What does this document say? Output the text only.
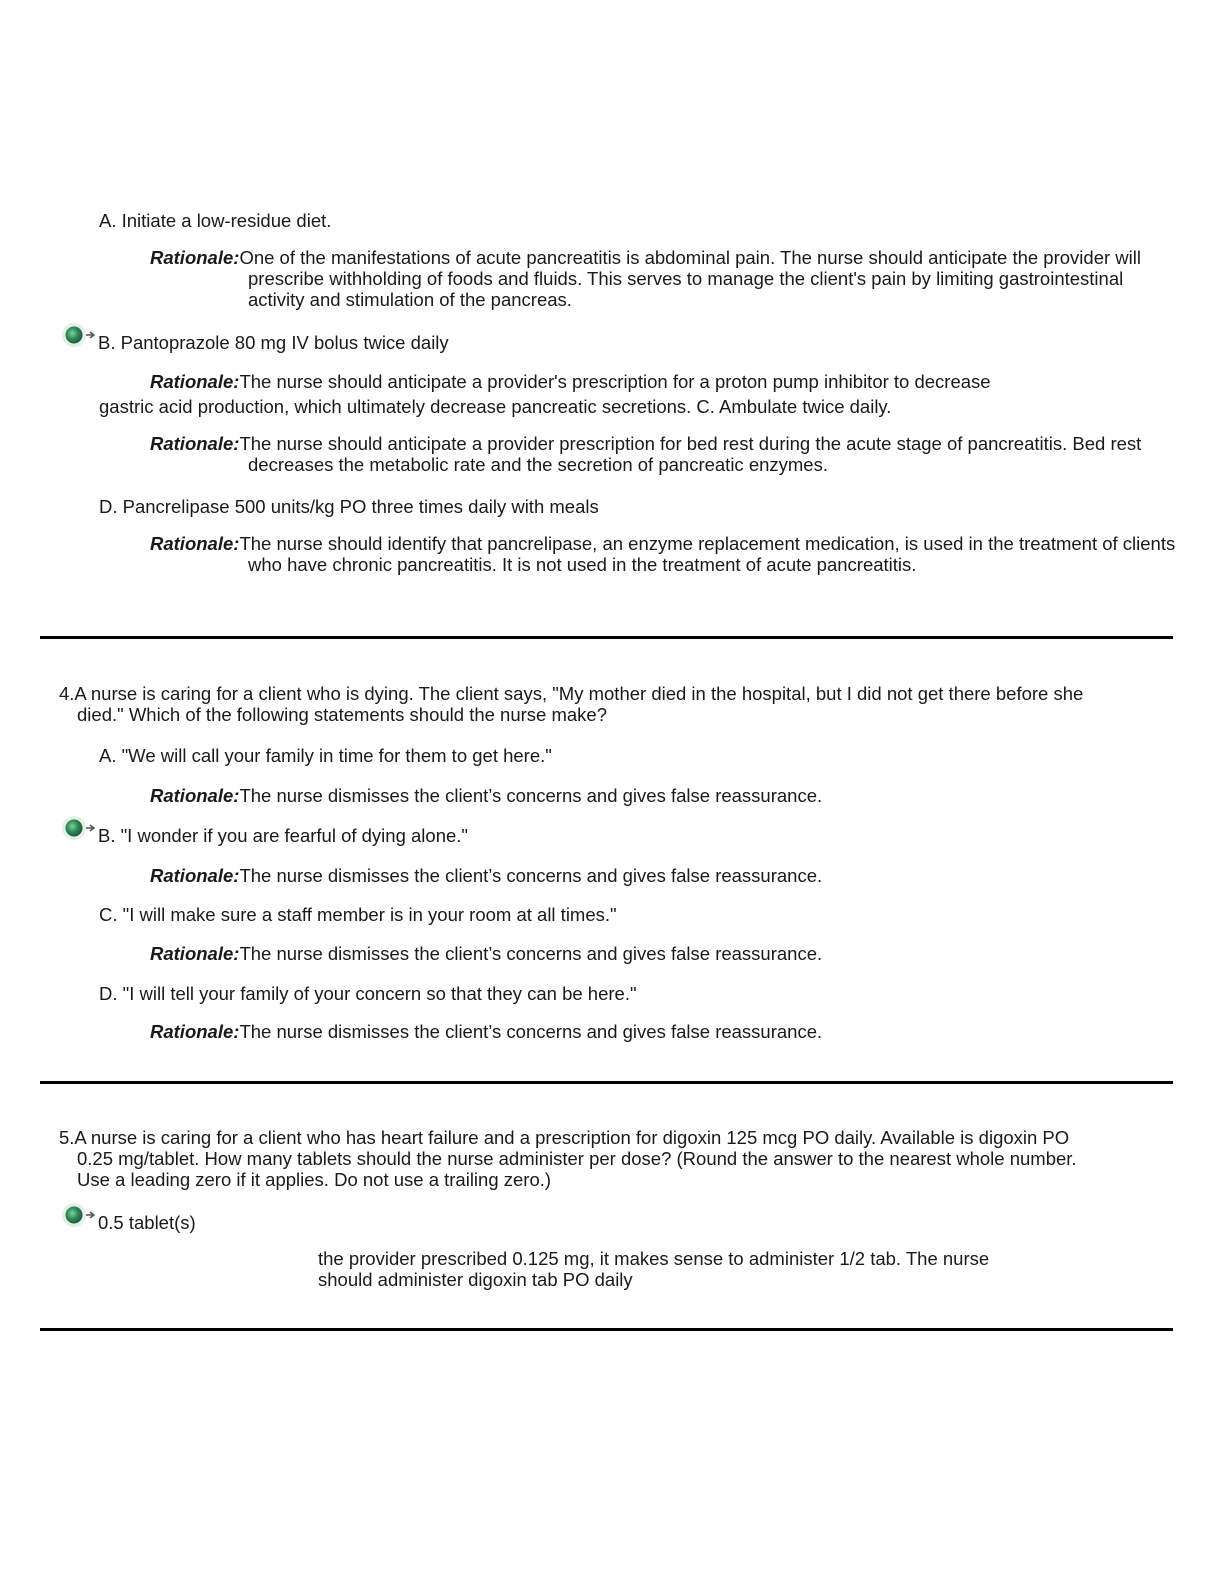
A. Initiate a low-residue diet.
Rationale:One of the manifestations of acute pancreatitis is abdominal pain. The nurse should anticipate the provider will prescribe withholding of foods and fluids. This serves to manage the client's pain by limiting gastrointestinal activity and stimulation of the pancreas.
B. Pantoprazole 80 mg IV bolus twice daily
Rationale:The nurse should anticipate a provider's prescription for a proton pump inhibitor to decrease
gastric acid production, which ultimately decrease pancreatic secretions. C. Ambulate twice daily.
Rationale:The nurse should anticipate a provider prescription for bed rest during the acute stage of pancreatitis. Bed rest decreases the metabolic rate and the secretion of pancreatic enzymes.
D. Pancrelipase 500 units/kg PO three times daily with meals
Rationale:The nurse should identify that pancrelipase, an enzyme replacement medication, is used in the treatment of clients who have chronic pancreatitis. It is not used in the treatment of acute pancreatitis.
4.A nurse is caring for a client who is dying. The client says, "My mother died in the hospital, but I did not get there before she died." Which of the following statements should the nurse make?
A. "We will call your family in time for them to get here."
Rationale:The nurse dismisses the client’s concerns and gives false reassurance.
B. "I wonder if you are fearful of dying alone."
Rationale:The nurse dismisses the client’s concerns and gives false reassurance.
C. "I will make sure a staff member is in your room at all times."
Rationale:The nurse dismisses the client’s concerns and gives false reassurance.
D. "I will tell your family of your concern so that they can be here."
Rationale:The nurse dismisses the client’s concerns and gives false reassurance.
5.A nurse is caring for a client who has heart failure and a prescription for digoxin 125 mcg PO daily. Available is digoxin PO 0.25 mg/tablet. How many tablets should the nurse administer per dose? (Round the answer to the nearest whole number. Use a leading zero if it applies. Do not use a trailing zero.)
0.5 tablet(s)
the provider prescribed 0.125 mg, it makes sense to administer 1/2 tab. The nurse should administer digoxin tab PO daily
